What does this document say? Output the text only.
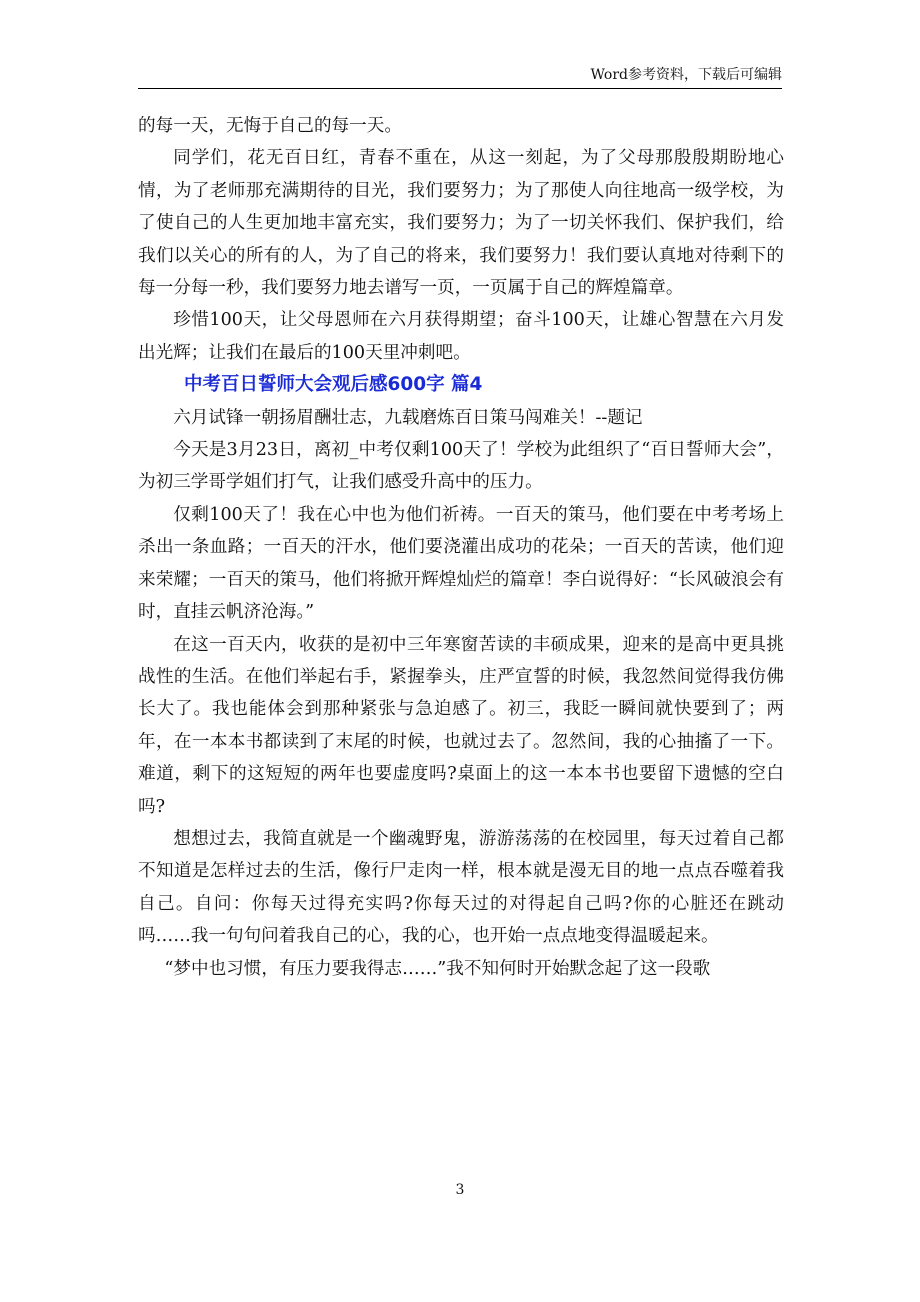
Word参考资料，下载后可编辑

的每一天，无悔于自己的每一天。

同学们，花无百日红，青春不重在，从这一刻起，为了父母那殷殷期盼地心情，为了老师那充满期待的目光，我们要努力；为了那使人向往地高一级学校，为了使自己的人生更加地丰富充实，我们要努力；为了一切关怀我们、保护我们，给我们以关心的所有的人，为了自己的将来，我们要努力！我们要认真地对待剩下的每一分每一秒，我们要努力地去谱写一页，一页属于自己的辉煌篇章。

珍惜100天，让父母恩师在六月获得期望；奋斗100天，让雄心智慧在六月发出光辉；让我们在最后的100天里冲刺吧。

中考百日誓师大会观后感600字 篇4

六月试锋一朝扬眉酬壮志，九载磨炼百日策马闯难关！--题记

今天是3月23日，离初_中考仅剩100天了！学校为此组织了“百日誓师大会”，为初三学哥学姐们打气，让我们感受升高中的压力。

仅剩100天了！我在心中也为他们祈祷。一百天的策马，他们要在中考考场上杀出一条血路；一百天的汗水，他们要浇灌出成功的花朵；一百天的苦读，他们迎来荣耀；一百天的策马，他们将掀开辉煌灿烂的篇章！李白说得好：“长风破浪会有时，直挂云帆济沧海。”

在这一百天内，收获的是初中三年寒窗苦读的丰硕成果，迎来的是高中更具挑战性的生活。在他们举起右手，紧握拳头，庄严宣誓的时候，我忽然间觉得我仿佛长大了。我也能体会到那种紧张与急迫感了。初三，我眨一瞬间就快要到了；两年，在一本本书都读到了末尾的时候，也就过去了。忽然间，我的心抽搐了一下。难道，剩下的这短短的两年也要虚度吗?桌面上的这一本本书也要留下遗憾的空白吗?

想想过去，我简直就是一个幽魂野鬼，游游荡荡的在校园里，每天过着自己都不知道是怎样过去的生活，像行尸走肉一样，根本就是漫无目的地一点点吞噬着我自己。自问：你每天过得充实吗?你每天过的对得起自己吗?你的心脏还在跳动吗……我一句句问着我自己的心，我的心，也开始一点点地变得温暖起来。

“梦中也习惯，有压力要我得志……”我不知何时开始默念起了这一段歌

3
